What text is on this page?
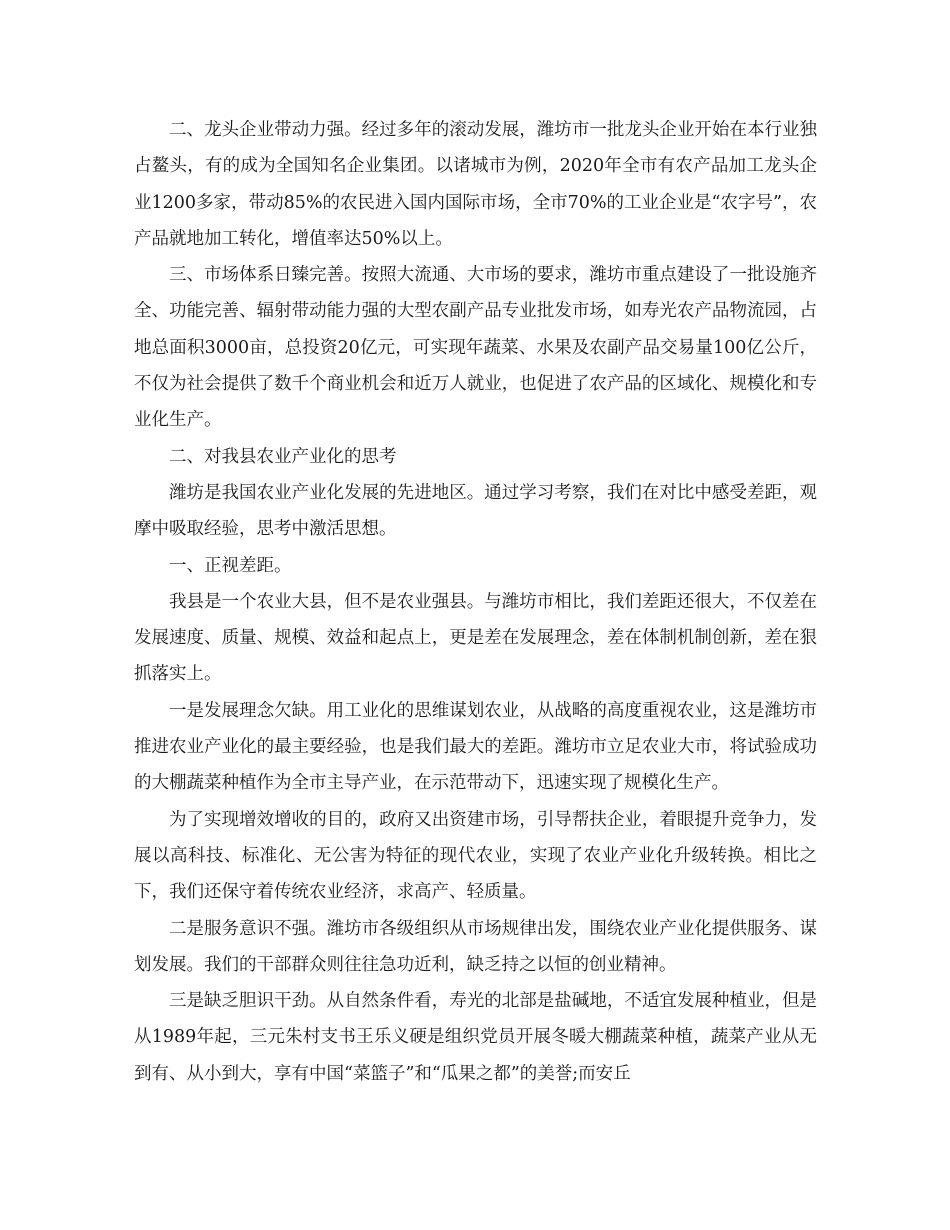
二、龙头企业带动力强。经过多年的滚动发展，潍坊市一批龙头企业开始在本行业独占鳌头，有的成为全国知名企业集团。以诸城市为例，2020年全市有农产品加工龙头企业1200多家，带动85%的农民进入国内国际市场，全市70%的工业企业是“农字号”，农产品就地加工转化，增值率达50%以上。

三、市场体系日臻完善。按照大流通、大市场的要求，潍坊市重点建设了一批设施齐全、功能完善、辐射带动能力强的大型农副产品专业批发市场，如寿光农产品物流园，占地总面积3000亩，总投资20亿元，可实现年蔬菜、水果及农副产品交易量100亿公斤，不仅为社会提供了数千个商业机会和近万人就业，也促进了农产品的区域化、规模化和专业化生产。

二、对我县农业产业化的思考

潍坊是我国农业产业化发展的先进地区。通过学习考察，我们在对比中感受差距，观摩中吸取经验，思考中激活思想。

一、正视差距。

我县是一个农业大县，但不是农业强县。与潍坊市相比，我们差距还很大，不仅差在发展速度、质量、规模、效益和起点上，更是差在发展理念，差在体制机制创新，差在狠抓落实上。

一是发展理念欠缺。用工业化的思维谋划农业，从战略的高度重视农业，这是潍坊市推进农业产业化的最主要经验，也是我们最大的差距。潍坊市立足农业大市，将试验成功的大棚蔬菜种植作为全市主导产业，在示范带动下，迅速实现了规模化生产。

为了实现增效增收的目的，政府又出资建市场，引导帮扶企业，着眼提升竞争力，发展以高科技、标准化、无公害为特征的现代农业，实现了农业产业化升级转换。相比之下，我们还保守着传统农业经济，求高产、轻质量。

二是服务意识不强。潍坊市各级组织从市场规律出发，围绕农业产业化提供服务、谋划发展。我们的干部群众则往往急功近利，缺乏持之以恒的创业精神。

三是缺乏胆识干劲。从自然条件看，寿光的北部是盐碱地，不适宜发展种植业，但是从1989年起，三元朱村支书王乐义硬是组织党员开展冬暖大棚蔬菜种植，蔬菜产业从无到有、从小到大，享有中国“菜篮子”和“瓜果之都”的美誉;而安丘
